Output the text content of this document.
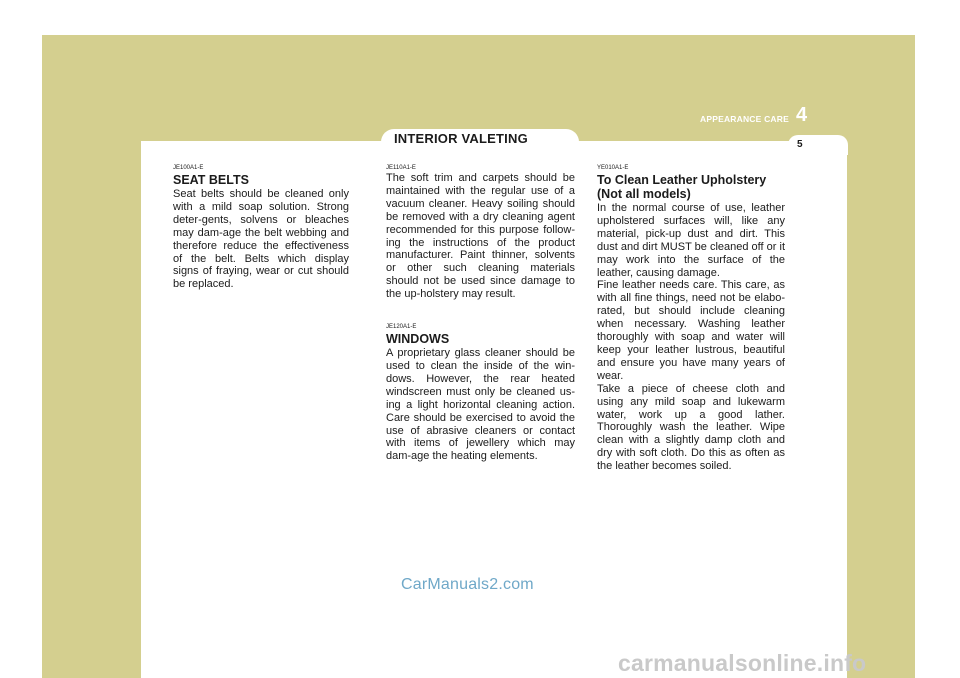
INTERIOR VALETING
APPEARANCE CARE 4
5
JE100A1-E
SEAT BELTS

Seat belts should be cleaned only with a mild soap solution. Strong deter-gents, solvens or bleaches may dam-age the belt webbing and therefore reduce the effectiveness of the belt. Belts which display signs of fraying, wear or cut should be replaced.

JE110A1-E

The soft trim and carpets should be maintained with the regular use of a vacuum cleaner. Heavy soiling should be removed with a dry cleaning agent recommended for this purpose follow-ing the instructions of the product manufacturer. Paint thinner, solvents or other such cleaning materials should not be used since damage to the up-holstery may result.

JE120A1-E
WINDOWS

A proprietary glass cleaner should be used to clean the inside of the win-dows. However, the rear heated windscreen must only be cleaned us-ing a light horizontal cleaning action. Care should be exercised to avoid the use of abrasive cleaners or contact with items of jewellery which may dam-age the heating elements.

YE010A1-E
To Clean Leather Upholstery (Not all models)

In the normal course of use, leather upholstered surfaces will, like any material, pick-up dust and dirt. This dust and dirt MUST be cleaned off or it may work into the surface of the leather, causing damage.

Fine leather needs care. This care, as with all fine things, need not be elabo-rated, but should include cleaning when necessary. Washing leather thoroughly with soap and water will keep your leather lustrous, beautiful and ensure you have many years of wear.

Take a piece of cheese cloth and using any mild soap and lukewarm water, work up a good lather. Thoroughly wash the leather. Wipe clean with a slightly damp cloth and dry with soft cloth. Do this as often as the leather becomes soiled.

CarManuals2.com
carmanualsonline.info
